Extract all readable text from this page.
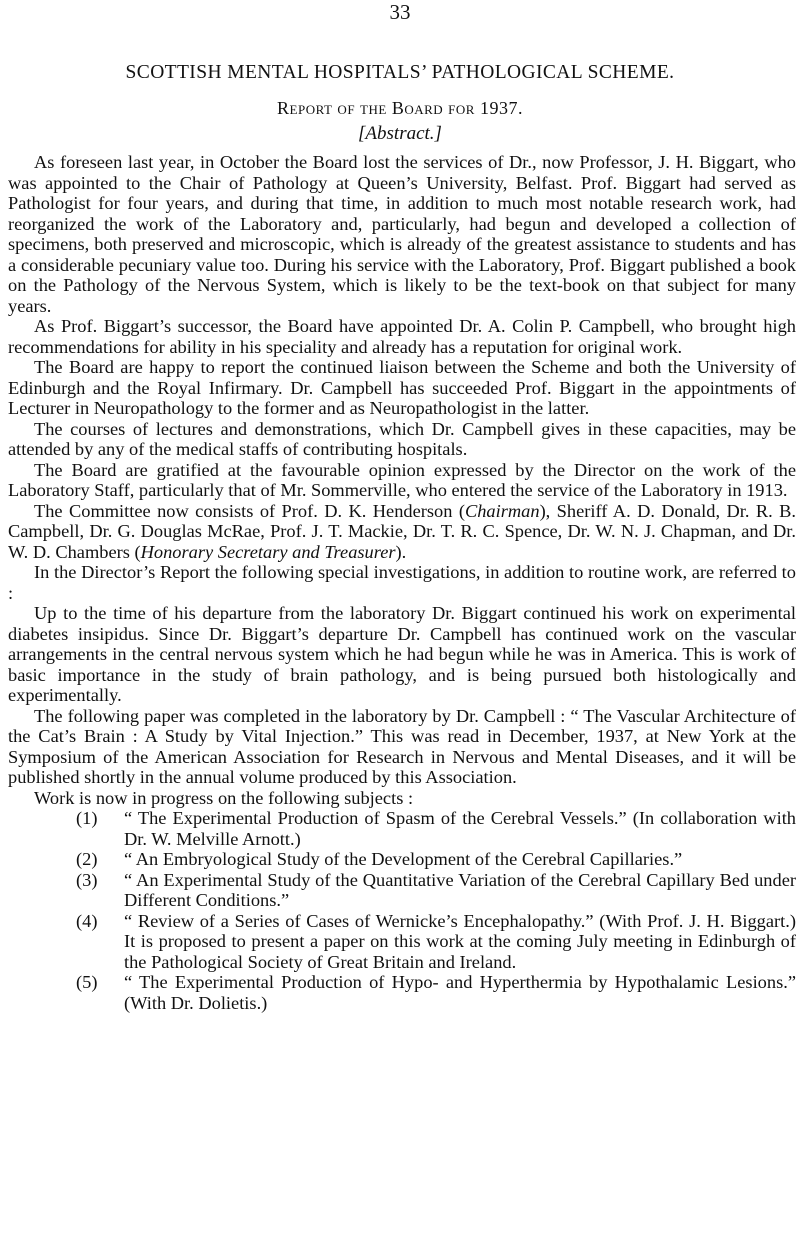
33
SCOTTISH MENTAL HOSPITALS’ PATHOLOGICAL SCHEME.
Report of the Board for 1937.
[Abstract.]

As foreseen last year, in October the Board lost the services of Dr., now Professor, J. H. Biggart, who was appointed to the Chair of Pathology at Queen’s University, Belfast. Prof. Biggart had served as Pathologist for four years, and during that time, in addition to much most notable research work, had reorganized the work of the Laboratory and, particularly, had begun and developed a collection of specimens, both preserved and microscopic, which is already of the greatest assistance to students and has a considerable pecuniary value too. During his service with the Laboratory, Prof. Biggart published a book on the Pathology of the Nervous System, which is likely to be the text-book on that subject for many years.

As Prof. Biggart’s successor, the Board have appointed Dr. A. Colin P. Campbell, who brought high recommendations for ability in his speciality and already has a reputation for original work.

The Board are happy to report the continued liaison between the Scheme and both the University of Edinburgh and the Royal Infirmary. Dr. Campbell has succeeded Prof. Biggart in the appointments of Lecturer in Neuropathology to the former and as Neuropathologist in the latter.

The courses of lectures and demonstrations, which Dr. Campbell gives in these capacities, may be attended by any of the medical staffs of contributing hospitals.

The Board are gratified at the favourable opinion expressed by the Director on the work of the Laboratory Staff, particularly that of Mr. Sommerville, who entered the service of the Laboratory in 1913.

The Committee now consists of Prof. D. K. Henderson (Chairman), Sheriff A. D. Donald, Dr. R. B. Campbell, Dr. G. Douglas McRae, Prof. J. T. Mackie, Dr. T. R. C. Spence, Dr. W. N. J. Chapman, and Dr. W. D. Chambers (Honorary Secretary and Treasurer).

In the Director’s Report the following special investigations, in addition to routine work, are referred to :

Up to the time of his departure from the laboratory Dr. Biggart continued his work on experimental diabetes insipidus. Since Dr. Biggart’s departure Dr. Campbell has continued work on the vascular arrangements in the central nervous system which he had begun while he was in America. This is work of basic importance in the study of brain pathology, and is being pursued both histologically and experimentally.

The following paper was completed in the laboratory by Dr. Campbell : “ The Vascular Architecture of the Cat’s Brain : A Study by Vital Injection.” This was read in December, 1937, at New York at the Symposium of the American Association for Research in Nervous and Mental Diseases, and it will be published shortly in the annual volume produced by this Association.

Work is now in progress on the following subjects :

(1) “ The Experimental Production of Spasm of the Cerebral Vessels.” (In collaboration with Dr. W. Melville Arnott.)
(2) “ An Embryological Study of the Development of the Cerebral Capillaries.”
(3) “ An Experimental Study of the Quantitative Variation of the Cerebral Capillary Bed under Different Conditions.”
(4) “ Review of a Series of Cases of Wernicke’s Encephalopathy.” (With Prof. J. H. Biggart.) It is proposed to present a paper on this work at the coming July meeting in Edinburgh of the Pathological Society of Great Britain and Ireland.
(5) “ The Experimental Production of Hypo- and Hyperthermia by Hypothalamic Lesions.” (With Dr. Dolietis.)
